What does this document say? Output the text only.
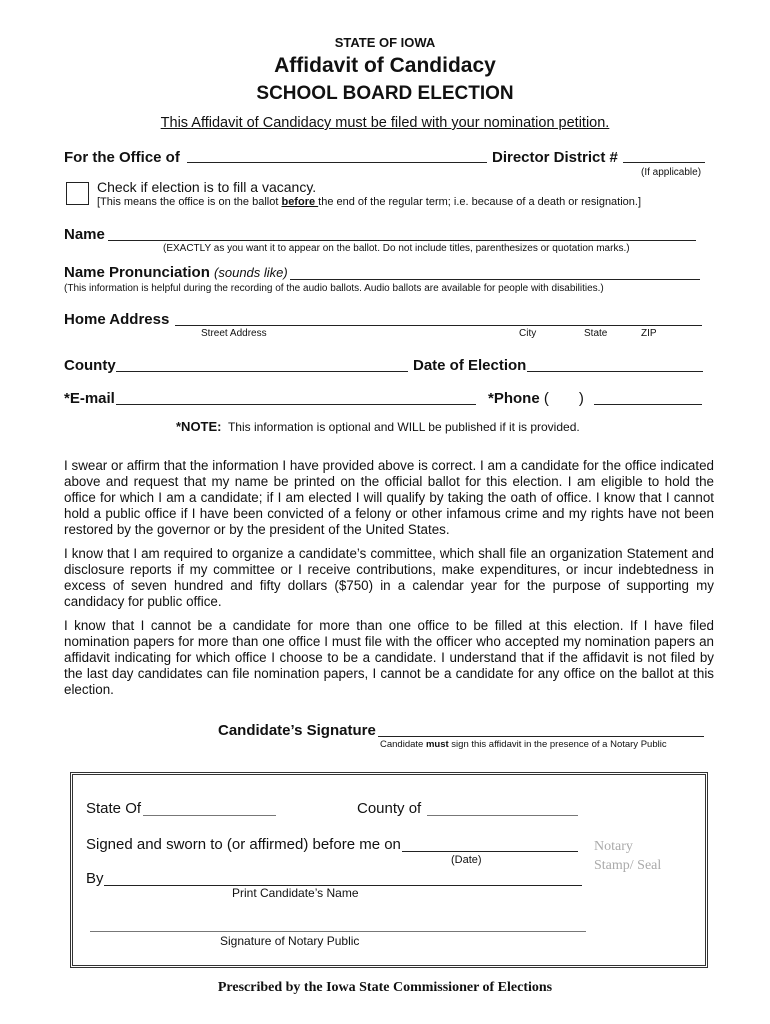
STATE OF IOWA
Affidavit of Candidacy
SCHOOL BOARD ELECTION
This Affidavit of Candidacy must be filed with your nomination petition.
For the Office of	Director District #
(If applicable)
Check if election is to fill a vacancy.
[This means the office is on the ballot before the end of the regular term; i.e. because of a death or resignation.]
Name
(EXACTLY as you want it to appear on the ballot. Do not include titles, parenthesizes or quotation marks.)
Name Pronunciation (sounds like)
(This information is helpful during the recording of the audio ballots. Audio ballots are available for people with disabilities.)
Home Address
Street Address	City	State	ZIP
County	Date of Election
*E-mail	*Phone ( )
*NOTE: This information is optional and WILL be published if it is provided.
I swear or affirm that the information I have provided above is correct. I am a candidate for the office indicated above and request that my name be printed on the official ballot for this election. I am eligible to hold the office for which I am a candidate; if I am elected I will qualify by taking the oath of office. I know that I cannot hold a public office if I have been convicted of a felony or other infamous crime and my rights have not been restored by the governor or by the president of the United States.
I know that I am required to organize a candidate’s committee, which shall file an organization Statement and disclosure reports if my committee or I receive contributions, make expenditures, or incur indebtedness in excess of seven hundred and fifty dollars ($750) in a calendar year for the purpose of supporting my candidacy for public office.
I know that I cannot be a candidate for more than one office to be filled at this election. If I have filed nomination papers for more than one office I must file with the officer who accepted my nomination papers an affidavit indicating for which office I choose to be a candidate. I understand that if the affidavit is not filed by the last day candidates can file nomination papers, I cannot be a candidate for any office on the ballot at this election.
Candidate’s Signature
Candidate must sign this affidavit in the presence of a Notary Public
State Of	County of
Signed and sworn to (or affirmed) before me on
(Date)
By
Print Candidate’s Name
Signature of Notary Public
Notary
Stamp/ Seal
Prescribed by the Iowa State Commissioner of Elections
